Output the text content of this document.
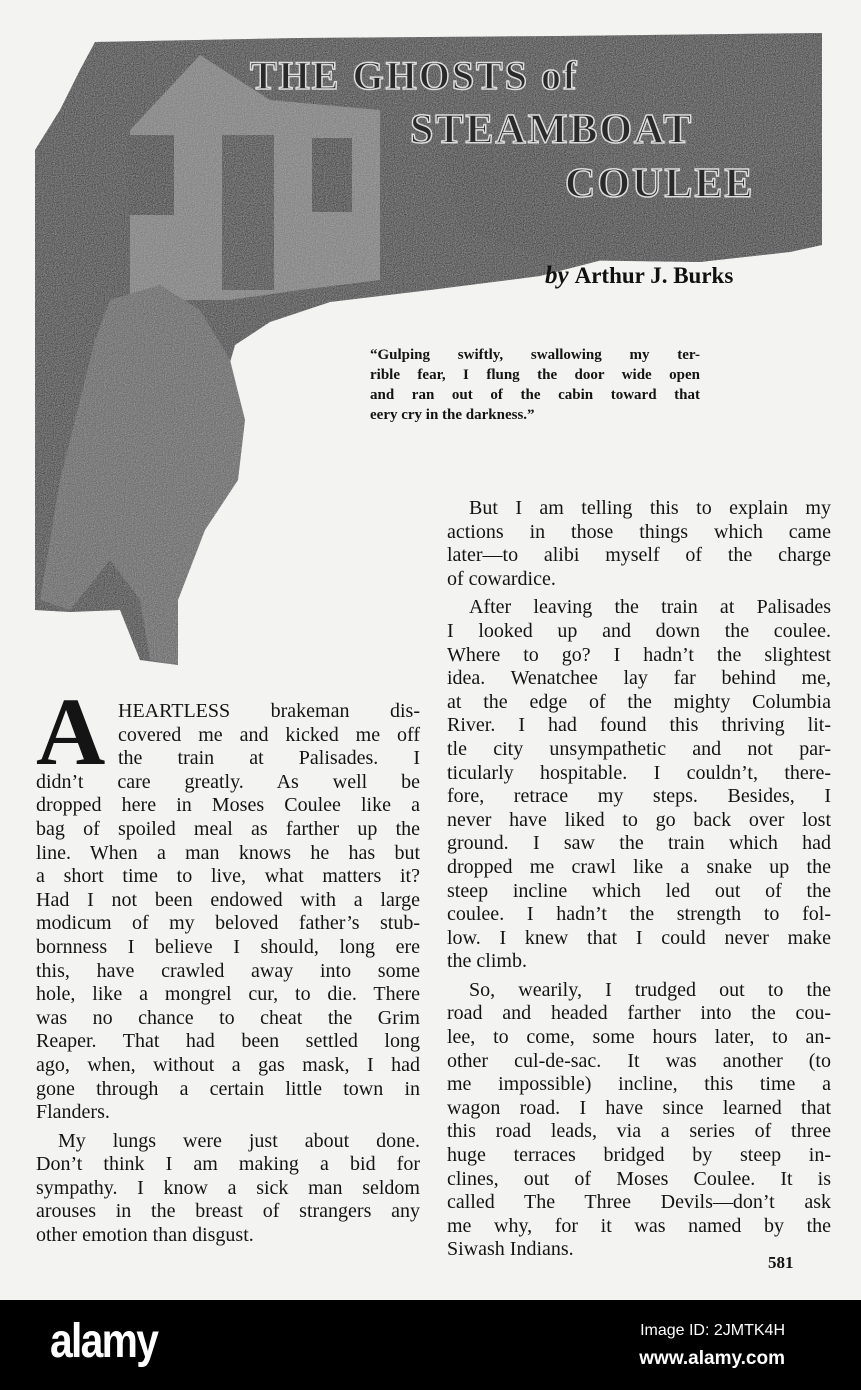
THE GHOSTS of
STEAMBOAT
COULEE
by Arthur J. Burks
“Gulping swiftly, swallowing my ter-
rible fear, I flung the door wide open
and ran out of the cabin toward that
eery cry in the darkness.”
A HEARTLESS brakeman dis-
covered me and kicked me off
the train at Palisades. I
didn’t care greatly. As well be
dropped here in Moses Coulee like a
bag of spoiled meal as farther up the
line. When a man knows he has but
a short time to live, what matters it?
Had I not been endowed with a large
modicum of my beloved father’s stub-
bornness I believe I should, long ere
this, have crawled away into some
hole, like a mongrel cur, to die. There
was no chance to cheat the Grim
Reaper. That had been settled long
ago, when, without a gas mask, I had
gone through a certain little town in
Flanders.
My lungs were just about done.
Don’t think I am making a bid for
sympathy. I know a sick man seldom
arouses in the breast of strangers any
other emotion than disgust.
But I am telling this to explain my
actions in those things which came
later—to alibi myself of the charge
of cowardice.
After leaving the train at Palisades
I looked up and down the coulee.
Where to go? I hadn’t the slightest
idea. Wenatchee lay far behind me,
at the edge of the mighty Columbia
River. I had found this thriving lit-
tle city unsympathetic and not par-
ticularly hospitable. I couldn’t, there-
fore, retrace my steps. Besides, I
never have liked to go back over lost
ground. I saw the train which had
dropped me crawl like a snake up the
steep incline which led out of the
coulee. I hadn’t the strength to fol-
low. I knew that I could never make
the climb.
So, wearily, I trudged out to the
road and headed farther into the cou-
lee, to come, some hours later, to an-
other cul-de-sac. It was another (to
me impossible) incline, this time a
wagon road. I have since learned that
this road leads, via a series of three
huge terraces bridged by steep in-
clines, out of Moses Coulee. It is
called The Three Devils—don’t ask
me why, for it was named by the
Siwash Indians.
581
alamy	Image ID: 2JMTK4H
www.alamy.com
